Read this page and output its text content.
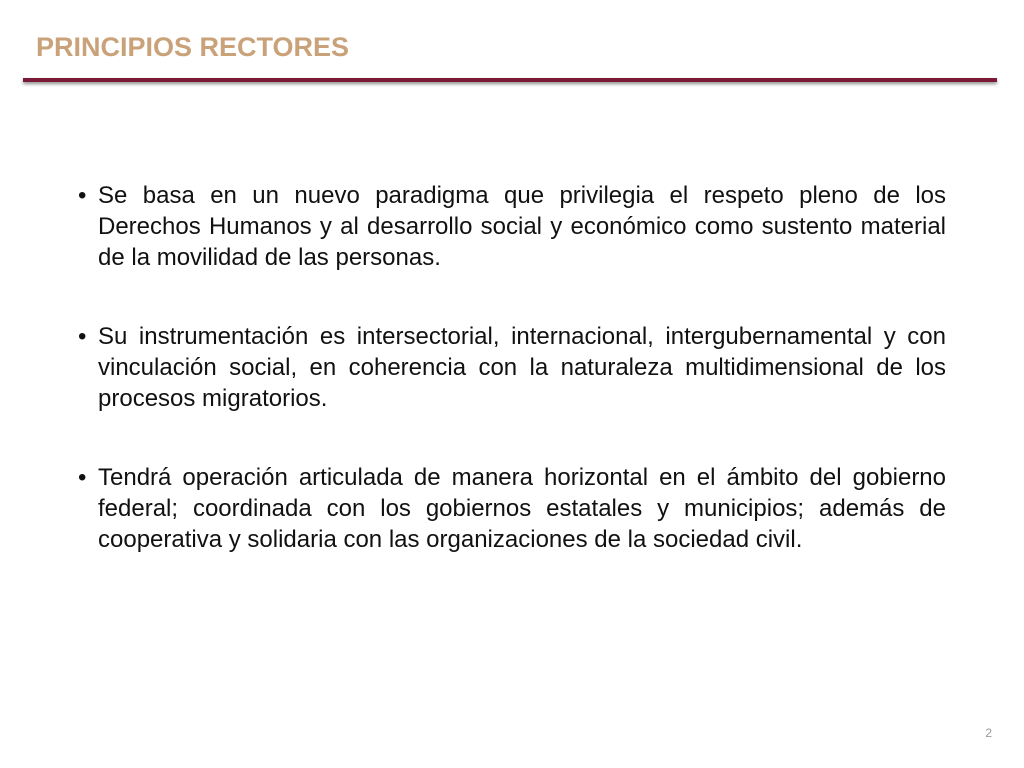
PRINCIPIOS RECTORES
• Se basa en un nuevo paradigma que privilegia el respeto pleno de los Derechos Humanos y al desarrollo social y económico como sustento material de la movilidad de las personas.
• Su instrumentación es intersectorial, internacional, intergubernamental y con vinculación social, en coherencia con la naturaleza multidimensional de los procesos migratorios.
• Tendrá operación articulada de manera horizontal en el ámbito del gobierno federal; coordinada con los gobiernos estatales y municipios; además de cooperativa y solidaria con las organizaciones de la sociedad civil.
2
